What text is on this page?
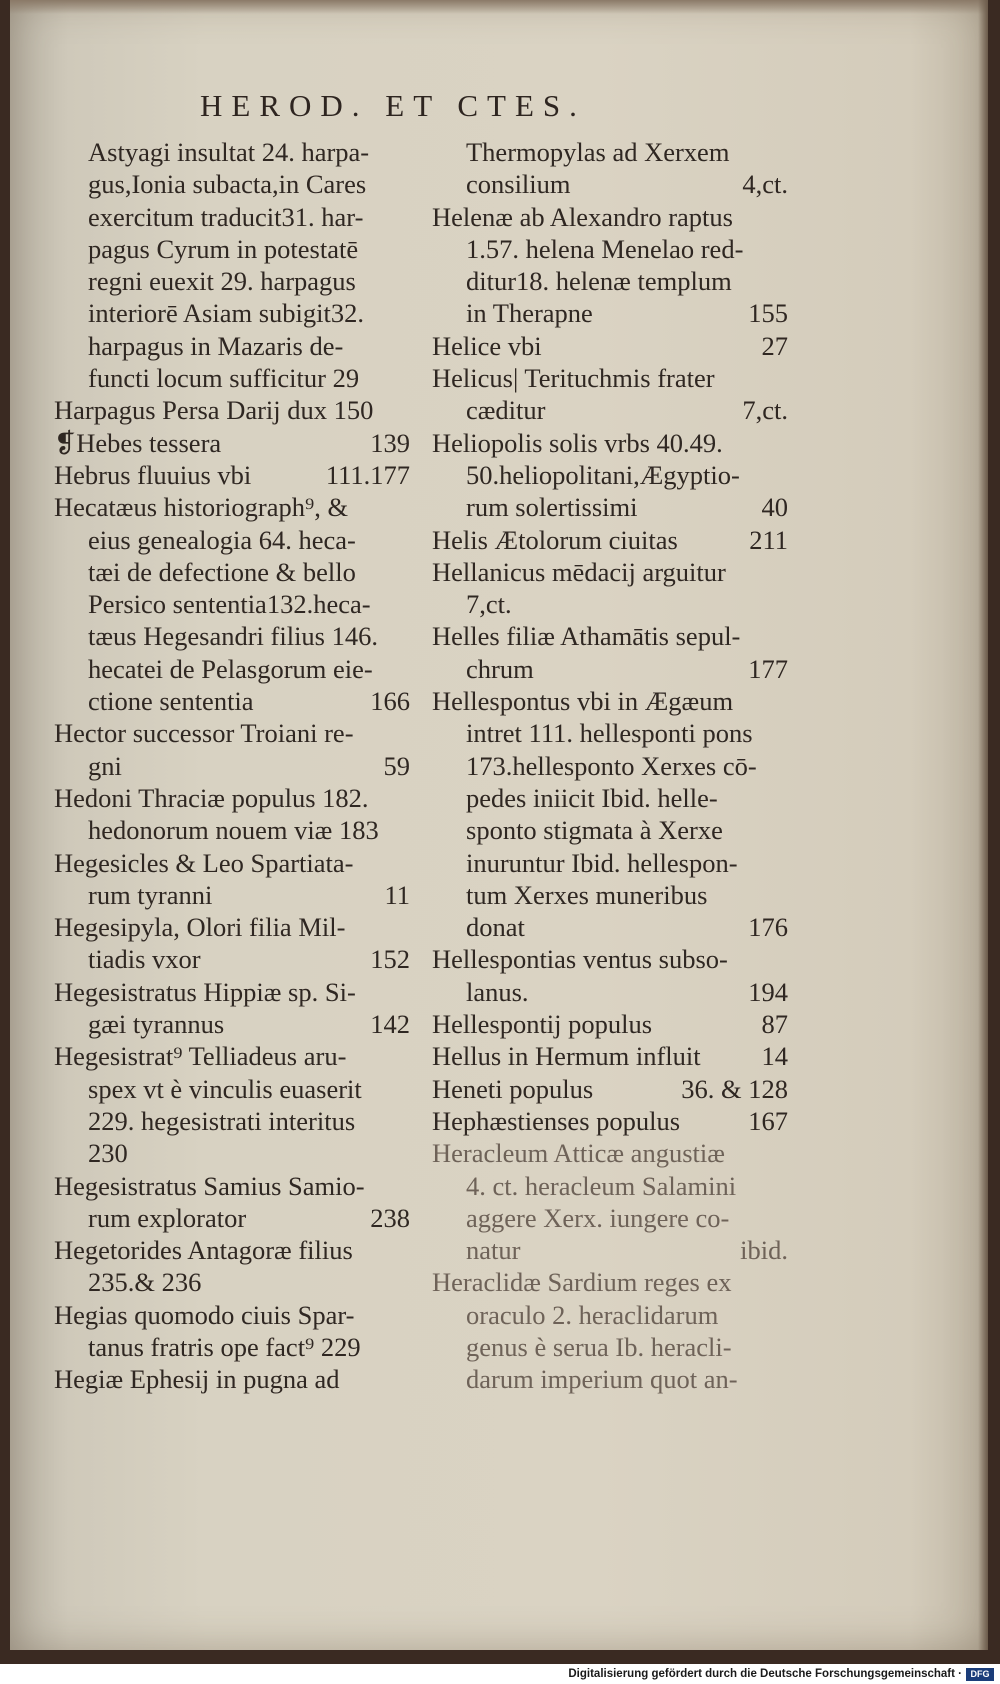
HEROD. ET CTES.
Astyagi insultat 24. harpa-
gus,Ionia subacta,in Cares
exercitum traducit31. har-
pagus Cyrum in potestatē
regni euexit 29. harpagus
interiorē Asiam subigit32.
harpagus in Mazaris de-
functi locum sufficitur 29
Harpagus Persa Darij dux 150
❡Hebes tessera	139
Hebrus fluuius vbi	111.177
Hecatæus historiograph⁹, &
eius genealogia 64. heca-
tæi de defectione & bello
Persico sententia132.heca-
tæus Hegesandri filius 146.
hecatei de Pelasgorum eie-
ctione sententia	166
Hector successor Troiani re-
gni	59
Hedoni Thraciæ populus 182.
hedonorum nouem viæ 183
Hegesicles & Leo Spartiata-
rum tyranni	11
Hegesipyla, Olori filia Mil-
tiadis vxor	152
Hegesistratus Hippiæ sp. Si-
gæi tyrannus	142
Hegesistrat⁹ Telliadeus aru-
spex vt è vinculis euaserit
229. hegesistrati interitus
230
Hegesistratus Samius Samio-
rum explorator	238
Hegetorides Antagoræ filius
235.& 236
Hegias quomodo ciuis Spar-
tanus fratris ope fact⁹ 229
Hegiæ Ephesij in pugna ad
Thermopylas ad Xerxem
consilium	4,ct.
Helenæ ab Alexandro raptus
1.57. helena Menelao red-
ditur18. helenæ templum
in Therapne	155
Helice vbi	27
Helicus| Terituchmis frater
cæditur	7,ct.
Heliopolis solis vrbs 40.49.
50.heliopolitani,Ægyptio-
rum solertissimi	40
Helis Ætolorum ciuitas	211
Hellanicus mēdacij arguitur
7,ct.
Helles filiæ Athamātis sepul-
chrum	177
Hellespontus vbi in Ægæum
intret 111. hellesponti pons
173.hellesponto Xerxes cō-
pedes iniicit Ibid. helle-
sponto stigmata à Xerxe
inuruntur Ibid. hellespon-
tum Xerxes muneribus
donat	176
Hellespontias ventus subso-
lanus.	194
Hellespontij populus	87
Hellus in Hermum influit 14
Heneti populus	36. & 128
Hephæstienses populus	167
Heracleum Atticæ angustiæ
4. ct. heracleum Salamini
aggere Xerx. iungere co-
natur	ibid.
Heraclidæ Sardium reges ex
oraculo 2. heraclidarum
genus è serua Ib. heracli-
darum imperium quot an-
Digitalisierung gefördert durch die Deutsche Forschungsgemeinschaft · DFG
